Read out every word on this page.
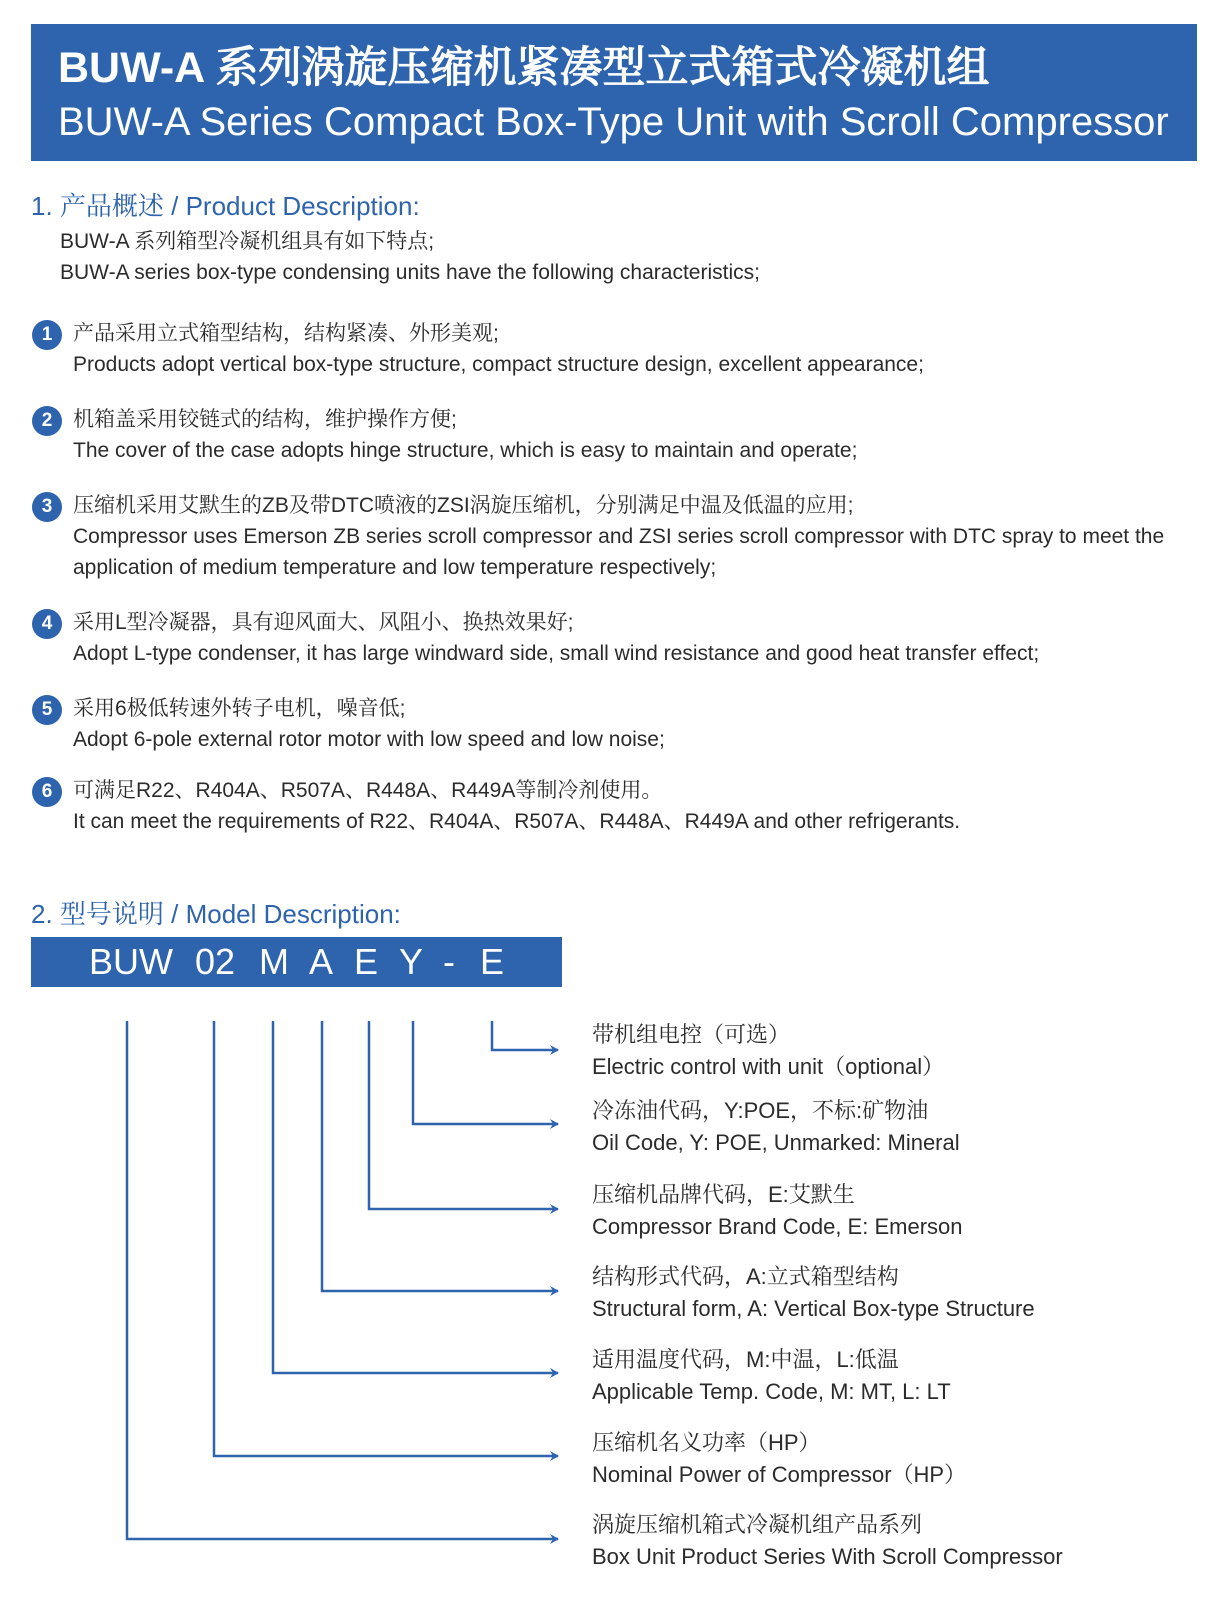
BUW-A 系列涡旋压缩机紧凑型立式箱式冷凝机组
BUW-A Series Compact Box-Type Unit with Scroll Compressor
1. 产品概述 / Product Description:
BUW-A 系列箱型冷凝机组具有如下特点;
BUW-A series box-type condensing units have the following characteristics;
1 产品采用立式箱型结构，结构紧凑、外形美观;
Products adopt vertical box-type structure, compact structure design, excellent appearance;
2 机箱盖采用铰链式的结构，维护操作方便;
The cover of the case adopts hinge structure, which is easy to maintain and operate;
3 压缩机采用艾默生的ZB及带DTC喷液的ZSI涡旋压缩机，分别满足中温及低温的应用;
Compressor uses Emerson ZB series scroll compressor and ZSI series scroll compressor with DTC spray to meet the application of medium temperature and low temperature respectively;
4 采用L型冷凝器，具有迎风面大、风阻小、换热效果好;
Adopt L-type condenser, it has large windward side, small wind resistance and good heat transfer effect;
5 采用6极低转速外转子电机，噪音低;
Adopt 6-pole external rotor motor with low speed and low noise;
6 可满足R22、R404A、R507A、R448A、R449A等制冷剂使用。
It can meet the requirements of R22、R404A、R507A、R448A、R449A and other refrigerants.
2. 型号说明 / Model Description:
BUW 02 M A E Y - E
带机组电控（可选）
Electric control with unit（optional）
冷冻油代码，Y:POE，不标:矿物油
Oil Code, Y: POE, Unmarked: Mineral
压缩机品牌代码，E:艾默生
Compressor Brand Code, E: Emerson
结构形式代码，A:立式箱型结构
Structural form, A: Vertical Box-type Structure
适用温度代码，M:中温，L:低温
Applicable Temp. Code, M: MT, L: LT
压缩机名义功率（HP）
Nominal Power of Compressor（HP）
涡旋压缩机箱式冷凝机组产品系列
Box Unit Product Series With Scroll Compressor
